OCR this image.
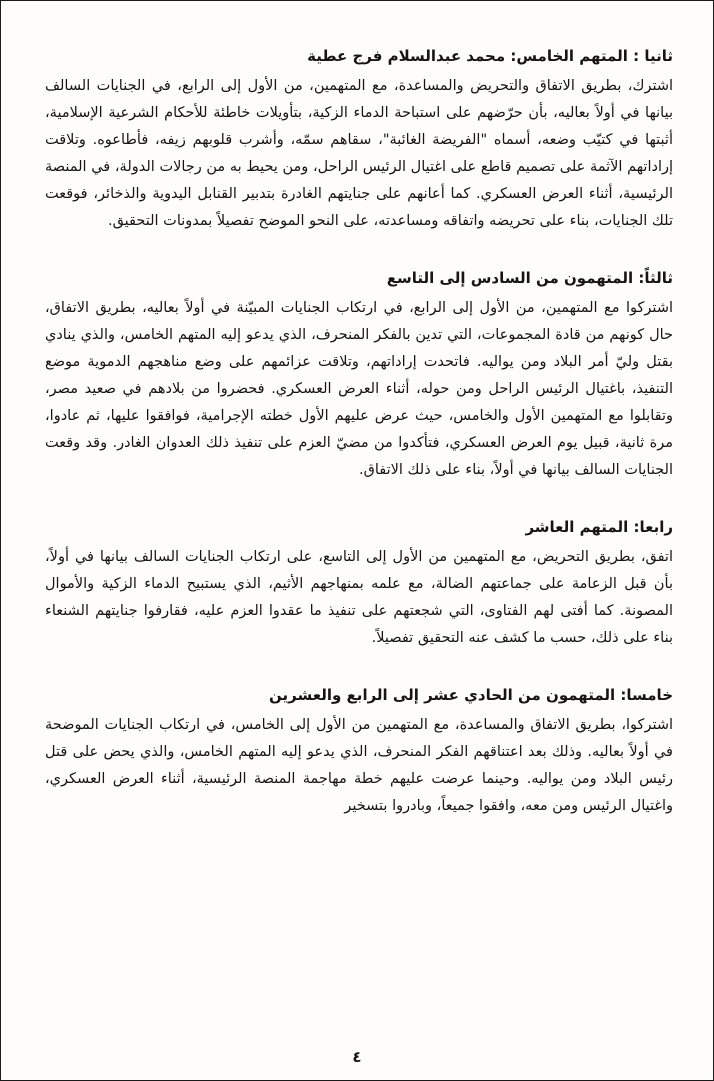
ثانيا : المتهم الخامس: محمد عبدالسلام فرج عطية
اشترك، بطريق الاتفاق والتحريض والمساعدة، مع المتهمين، من الأول إلى الرابع، في الجنايات السالف بيانها في أولاً بعاليه، بأن حرّضهم على استباحة الدماء الزكية، بتأويلات خاطئة للأحكام الشرعية الإسلامية، أثبتها في كتيّب وضعه، أسماه "الفريضة الغائبة"، سقاهم سمّه، وأشرب قلوبهم زيفه، فأطاعوه. وتلاقت إراداتهم الآثمة على تصميم قاطع على اغتيال الرئيس الراحل، ومن يحيط به من رجالات الدولة، في المنصة الرئيسية، أثناء العرض العسكري. كما أعانهم على جنايتهم الغادرة بتدبير القنابل اليدوية والذخائر، فوقعت تلك الجنايات، بناء على تحريضه واتفاقه ومساعدته، على النحو الموضح تفصيلاً بمدونات التحقيق.
ثالثاً: المتهمون من السادس إلى التاسع
اشتركوا مع المتهمين، من الأول إلى الرابع، في ارتكاب الجنايات المبيّنة في أولاً بعاليه، بطريق الاتفاق، حال كونهم من قادة المجموعات، التي تدين بالفكر المنحرف، الذي يدعو إليه المتهم الخامس، والذي ينادي بقتل وليّ أمر البلاد ومن يواليه. فاتحدت إراداتهم، وتلاقت عزائمهم على وضع مناهجهم الدموية موضع التنفيذ، باغتيال الرئيس الراحل ومن حوله، أثناء العرض العسكري. فحضروا من بلادهم في صعيد مصر، وتقابلوا مع المتهمين الأول والخامس، حيث عرض عليهم الأول خطته الإجرامية، فوافقوا عليها، ثم عادوا، مرة ثانية، قبيل يوم العرض العسكري، فتأكدوا من مضيّ العزم على تنفيذ ذلك العدوان الغادر. وقد وقعت الجنايات السالف بيانها في أولاً، بناء على ذلك الاتفاق.
رابعا: المتهم العاشر
اتفق، بطريق التحريض، مع المتهمين من الأول إلى التاسع، على ارتكاب الجنايات السالف بيانها في أولاً، بأن قبل الزعامة على جماعتهم الضالة، مع علمه بمنهاجهم الأثيم، الذي يستبيح الدماء الزكية والأموال المصونة. كما أفتى لهم الفتاوى، التي شجعتهم على تنفيذ ما عقدوا العزم عليه، فقارفوا جنايتهم الشنعاء بناء على ذلك، حسب ما كشف عنه التحقيق تفصيلاً.
خامسا: المتهمون من الحادي عشر إلى الرابع والعشرين
اشتركوا، بطريق الاتفاق والمساعدة، مع المتهمين من الأول إلى الخامس، في ارتكاب الجنايات الموضحة في أولاً بعاليه. وذلك بعد اعتناقهم الفكر المنحرف، الذي يدعو إليه المتهم الخامس، والذي يحض على قتل رئيس البلاد ومن يواليه. وحينما عرضت عليهم خطة مهاجمة المنصة الرئيسية، أثناء العرض العسكري، واغتيال الرئيس ومن معه، وافقوا جميعاً، وبادروا بتسخير
٤
